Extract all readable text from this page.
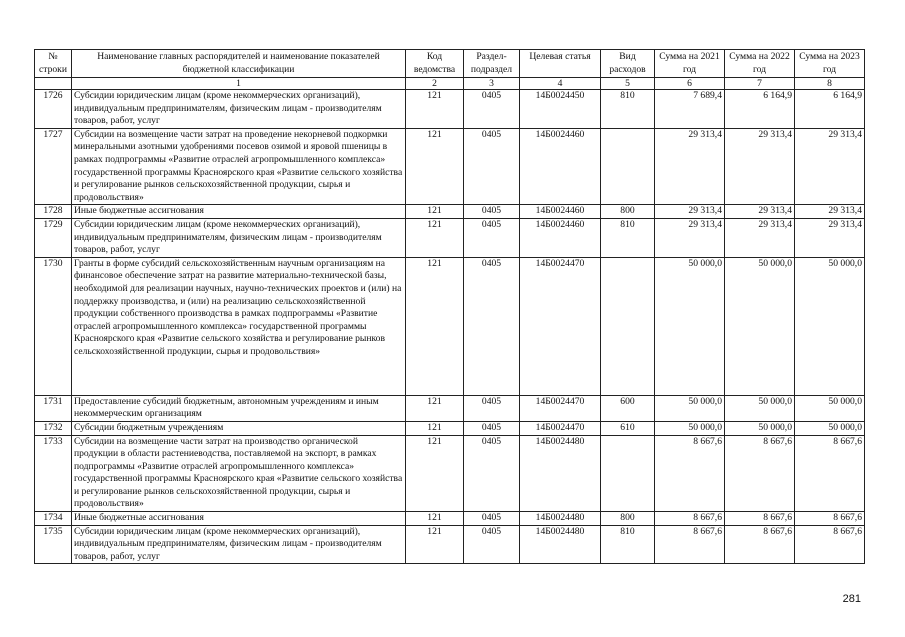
№ строки	Наименование главных распорядителей и наименование показателей бюджетной классификации	Код ведомства	Раздел-подраздел	Целевая статья	Вид расходов	Сумма на 2021 год	Сумма на 2022 год	Сумма на 2023 год
	1	2	3	4	5	6	7	8
1726	Субсидии юридическим лицам (кроме некоммерческих организаций), индивидуальным предпринимателям, физическим лицам - производителям товаров, работ, услуг	121	0405	14Б0024450	810	7 689,4	6 164,9	6 164,9
1727	Субсидии на возмещение части затрат на проведение некорневой подкормки минеральными азотными удобрениями посевов озимой и яровой пшеницы в рамках подпрограммы «Развитие отраслей агропромышленного комплекса» государственной программы Красноярского края «Развитие сельского хозяйства и регулирование рынков сельскохозяйственной продукции, сырья и продовольствия»	121	0405	14Б0024460		29 313,4	29 313,4	29 313,4
1728	Иные бюджетные ассигнования	121	0405	14Б0024460	800	29 313,4	29 313,4	29 313,4
1729	Субсидии юридическим лицам (кроме некоммерческих организаций), индивидуальным предпринимателям, физическим лицам - производителям товаров, работ, услуг	121	0405	14Б0024460	810	29 313,4	29 313,4	29 313,4
1730	Гранты в форме субсидий сельскохозяйственным научным организациям на финансовое обеспечение затрат на развитие материально-технической базы, необходимой для реализации научных, научно-технических проектов и (или) на поддержку производства, и (или) на реализацию сельскохозяйственной продукции собственного производства в рамках подпрограммы «Развитие отраслей агропромышленного комплекса» государственной программы Красноярского края «Развитие сельского хозяйства и регулирование рынков сельскохозяйственной продукции, сырья и продовольствия»	121	0405	14Б0024470		50 000,0	50 000,0	50 000,0
1731	Предоставление субсидий бюджетным, автономным учреждениям и иным некоммерческим организациям	121	0405	14Б0024470	600	50 000,0	50 000,0	50 000,0
1732	Субсидии бюджетным учреждениям	121	0405	14Б0024470	610	50 000,0	50 000,0	50 000,0
1733	Субсидии на возмещение части затрат на производство органической продукции в области растениеводства, поставляемой на экспорт, в рамках подпрограммы «Развитие отраслей агропромышленного комплекса» государственной программы Красноярского края «Развитие сельского хозяйства и регулирование рынков сельскохозяйственной продукции, сырья и продовольствия»	121	0405	14Б0024480		8 667,6	8 667,6	8 667,6
1734	Иные бюджетные ассигнования	121	0405	14Б0024480	800	8 667,6	8 667,6	8 667,6
1735	Субсидии юридическим лицам (кроме некоммерческих организаций), индивидуальным предпринимателям, физическим лицам - производителям товаров, работ, услуг	121	0405	14Б0024480	810	8 667,6	8 667,6	8 667,6
281
